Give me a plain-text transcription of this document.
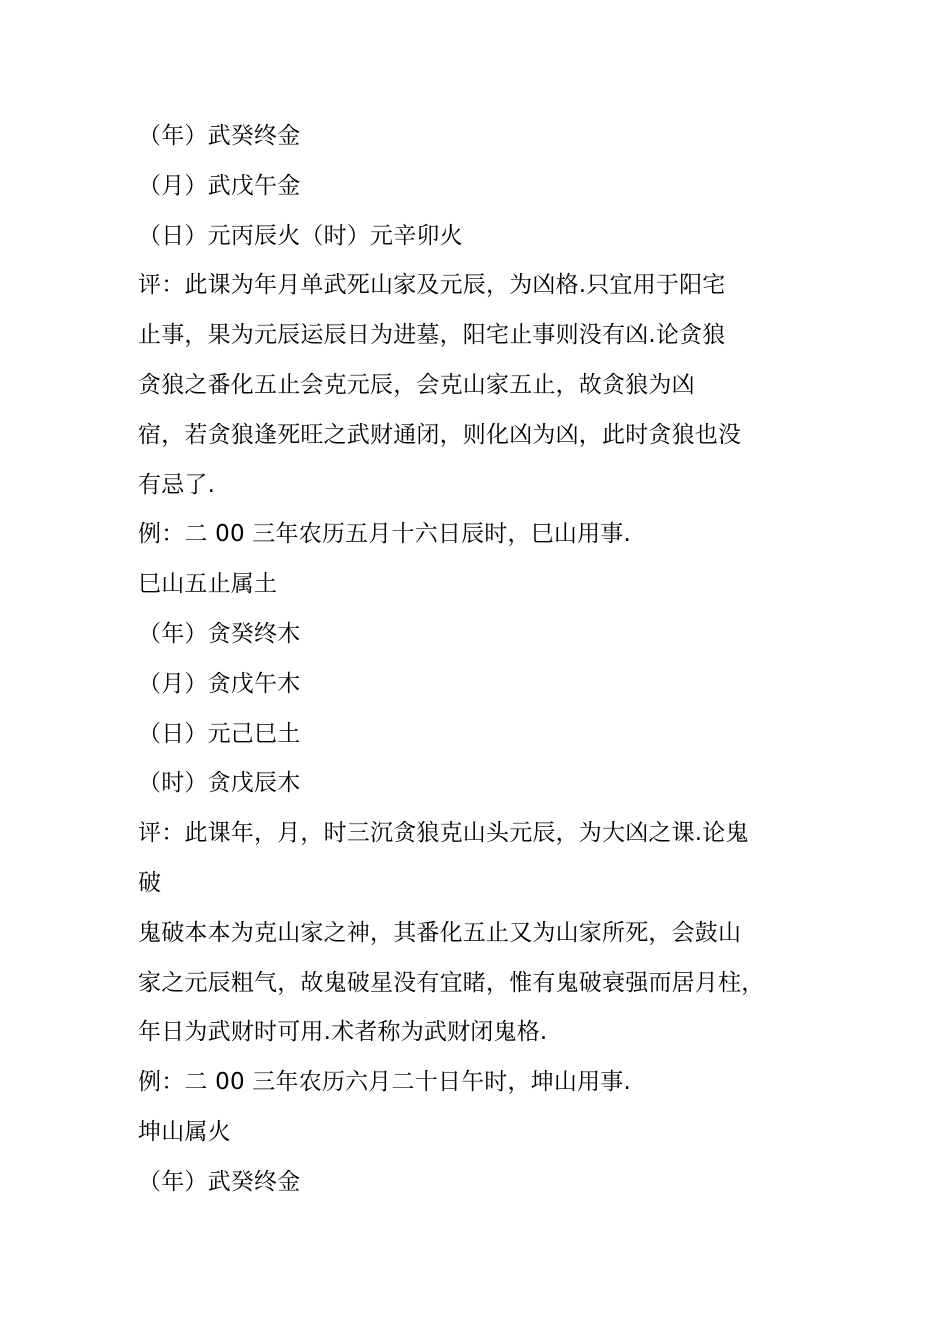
（年）武癸终金
（月）武戊午金
（日）元丙辰火（时）元辛卯火
评：此课为年月单武死山家及元辰，为凶格.只宜用于阳宅
止事，果为元辰运辰日为进墓，阳宅止事则没有凶.论贪狼
贪狼之番化五止会克元辰，会克山家五止，故贪狼为凶
宿，若贪狼逢死旺之武财通闭，则化凶为凶，此时贪狼也没
有忌了.
例：二 00 三年农历五月十六日辰时，巳山用事.
巳山五止属土
（年）贪癸终木
（月）贪戊午木
（日）元己巳土
（时）贪戊辰木
评：此课年，月，时三沉贪狼克山头元辰，为大凶之课.论鬼
破
鬼破本本为克山家之神，其番化五止又为山家所死，会鼓山
家之元辰粗气，故鬼破星没有宜睹，惟有鬼破衰强而居月柱，
年日为武财时可用.术者称为武财闭鬼格.
例：二 00 三年农历六月二十日午时，坤山用事.
坤山属火
（年）武癸终金
